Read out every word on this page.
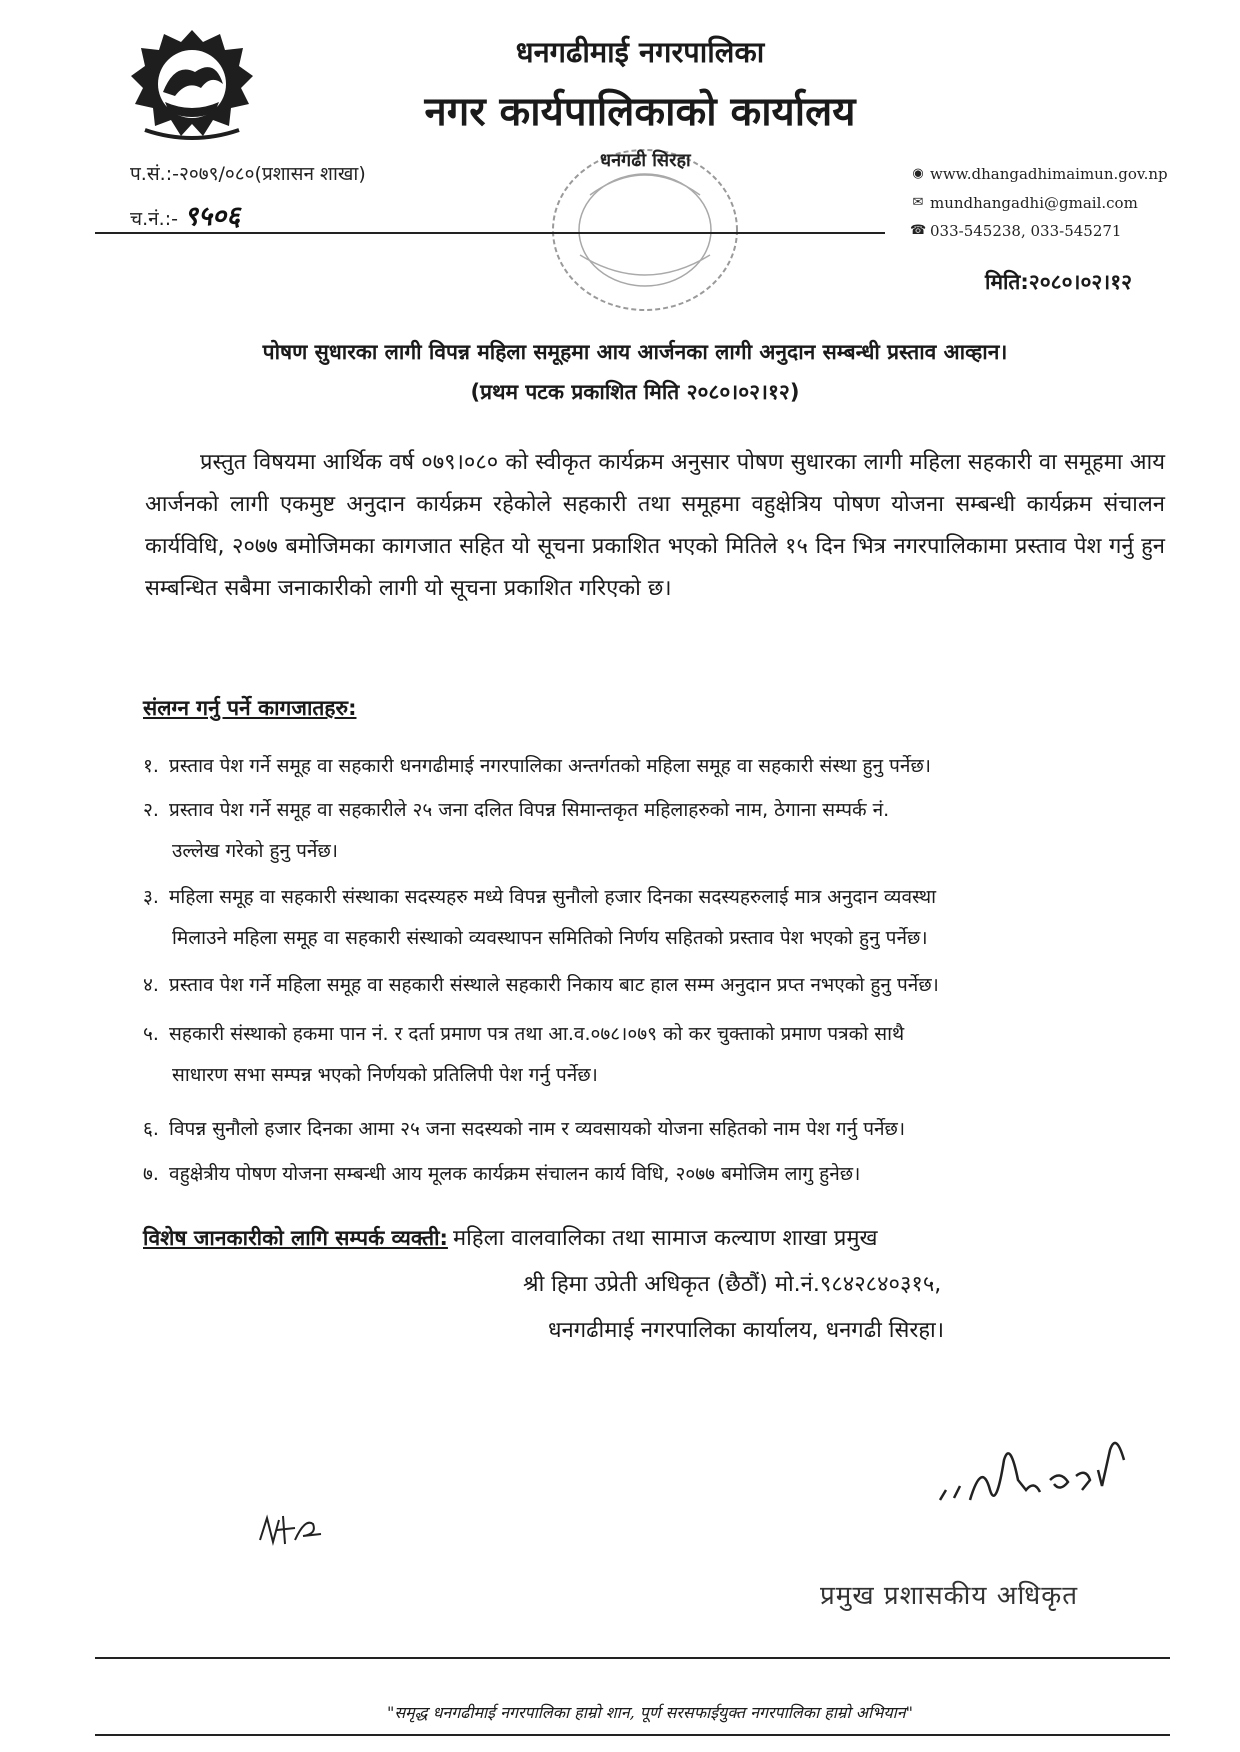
धनगढीमाई नगरपालिका
नगर कार्यपालिकाको कार्यालय
प.सं.:-२०७९/०८०(प्रशासन शाखा)
च.नं.:- ९५०६
धनगढी सिरहा
◉ www.dhangadhimaimun.gov.np
✉ mundhangadhi@gmail.com
☎ 033-545238, 033-545271
मिति:२०८०।०२।१२
पोषण सुधारका लागी विपन्न महिला समूहमा आय आर्जनका लागी अनुदान सम्बन्धी प्रस्ताव आव्हान।
(प्रथम पटक प्रकाशित मिति २०८०।०२।१२)
प्रस्तुत विषयमा आर्थिक वर्ष ०७९।०८० को स्वीकृत कार्यक्रम अनुसार पोषण सुधारका लागी महिला सहकारी वा समूहमा आय आर्जनको लागी एकमुष्ट अनुदान कार्यक्रम रहेकोले सहकारी तथा समूहमा वहुक्षेत्रिय पोषण योजना सम्बन्धी कार्यक्रम संचालन कार्यविधि, २०७७ बमोजिमका कागजात सहित यो सूचना प्रकाशित भएको मितिले १५ दिन भित्र नगरपालिकामा प्रस्ताव पेश गर्नु हुन सम्बन्धित सबैमा जनाकारीको लागी यो सूचना प्रकाशित गरिएको छ।
संलग्न गर्नु पर्ने कागजातहरु:
१. प्रस्ताव पेश गर्ने समूह वा सहकारी धनगढीमाई नगरपालिका अन्तर्गतको महिला समूह वा सहकारी संस्था हुनु पर्नेछ।
२. प्रस्ताव पेश गर्ने समूह वा सहकारीले २५ जना दलित विपन्न सिमान्तकृत महिलाहरुको नाम, ठेगाना सम्पर्क नं.
उल्लेख गरेको हुनु पर्नेछ।
३. महिला समूह वा सहकारी संस्थाका सदस्यहरु मध्ये विपन्न सुनौलो हजार दिनका सदस्यहरुलाई मात्र अनुदान व्यवस्था
मिलाउने महिला समूह वा सहकारी संस्थाको व्यवस्थापन समितिको निर्णय सहितको प्रस्ताव पेश भएको हुनु पर्नेछ।
४. प्रस्ताव पेश गर्ने महिला समूह वा सहकारी संस्थाले सहकारी निकाय बाट हाल सम्म अनुदान प्रप्त नभएको हुनु पर्नेछ।
५. सहकारी संस्थाको हकमा पान नं. र दर्ता प्रमाण पत्र तथा आ.व.०७८।०७९ को कर चुक्ताको प्रमाण पत्रको साथै
साधारण सभा सम्पन्न भएको निर्णयको प्रतिलिपी पेश गर्नु पर्नेछ।
६. विपन्न सुनौलो हजार दिनका आमा २५ जना सदस्यको नाम र व्यवसायको योजना सहितको नाम पेश गर्नु पर्नेछ।
७. वहुक्षेत्रीय पोषण योजना सम्बन्धी आय मूलक कार्यक्रम संचालन कार्य विधि, २०७७ बमोजिम लागु हुनेछ।
विशेष जानकारीको लागि सम्पर्क व्यक्ती: महिला वालवालिका तथा सामाज कल्याण शाखा प्रमुख
श्री हिमा उप्रेती अधिकृत (छैठौं) मो.नं.९८४२८४०३१५,
धनगढीमाई नगरपालिका कार्यालय, धनगढी सिरहा।
प्रमुख प्रशासकीय अधिकृत
"समृद्ध धनगढीमाई नगरपालिका हाम्रो शान, पूर्ण सरसफाईयुक्त नगरपालिका हाम्रो अभियान"
